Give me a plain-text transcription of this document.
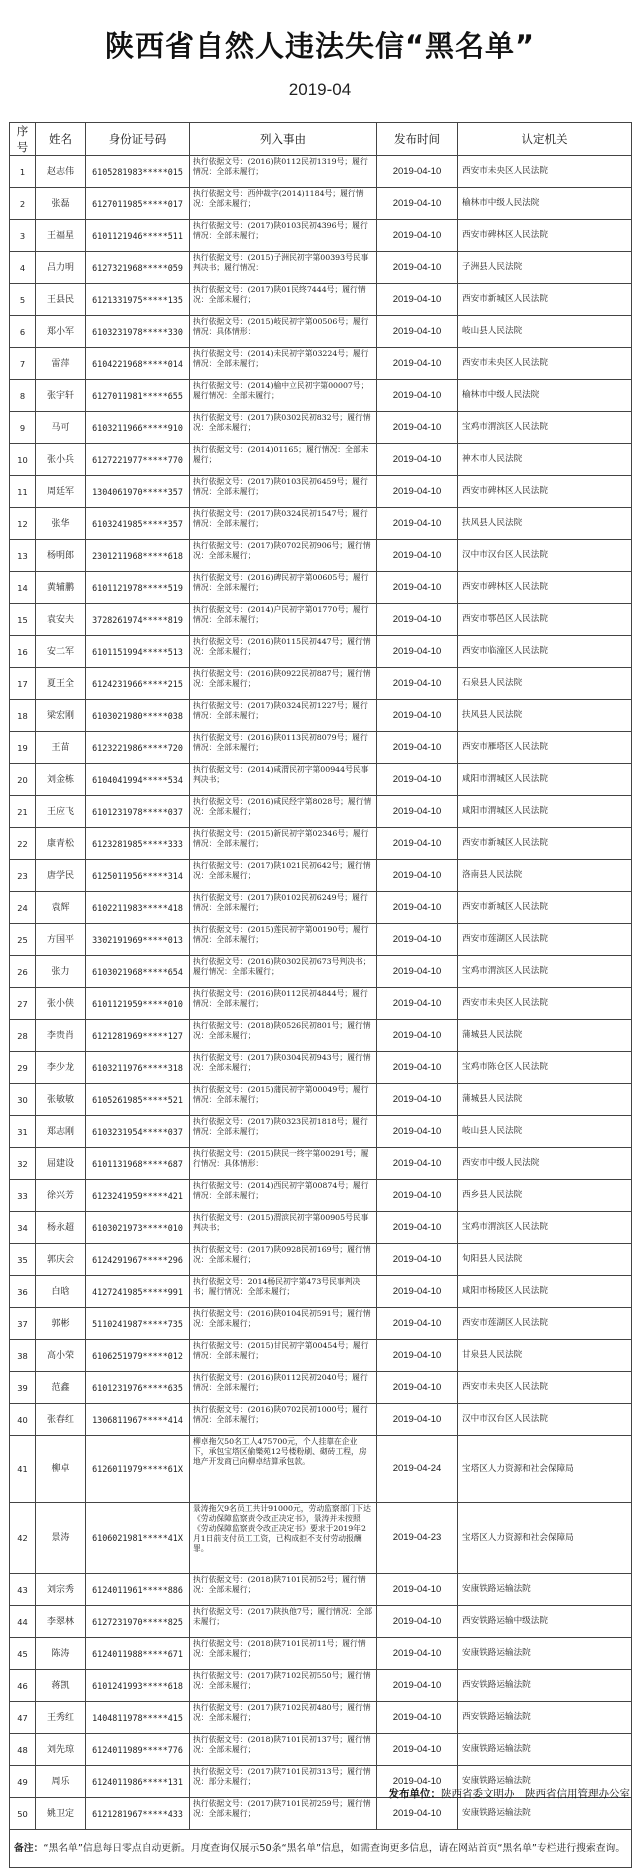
陕西省自然人违法失信“黑名单”
2019-04
序号	姓名	身份证号码	列入事由	发布时间	认定机关
1	赵志伟	6105281983*****015	执行依据文号：(2016)陕0112民初1319号；履行情况：全部未履行；	2019-04-10	西安市未央区人民法院
2	张磊	6127011985*****017	执行依据文号：西仲裁字(2014)1184号；履行情况：全部未履行；	2019-04-10	榆林市中级人民法院
3	王福星	6101121946*****511	执行依据文号：(2017)陕0103民初4396号；履行情况：全部未履行；	2019-04-10	西安市碑林区人民法院
4	吕力明	6127321968*****059	执行依据文号：(2015)子洲民初字第00393号民事判决书；履行情况：	2019-04-10	子洲县人民法院
5	王县民	6121331975*****135	执行依据文号：(2017)陕01民终7444号；履行情况：全部未履行；	2019-04-10	西安市新城区人民法院
6	郑小军	6103231978*****330	执行依据文号：(2015)岐民初字第00506号；履行情况：具体情形：	2019-04-10	岐山县人民法院
7	雷萍	6104221968*****014	执行依据文号：(2014)未民初字第03224号；履行情况：全部未履行；	2019-04-10	西安市未央区人民法院
8	张宇轩	6127011981*****655	执行依据文号：(2014)榆中立民初字第00007号；履行情况：全部未履行；	2019-04-10	榆林市中级人民法院
9	马可	6103211966*****910	执行依据文号：(2017)陕0302民初832号；履行情况：全部未履行；	2019-04-10	宝鸡市渭滨区人民法院
10	张小兵	6127221977*****770	执行依据文号：(2014)01165；履行情况：全部未履行；	2019-04-10	神木市人民法院
11	周廷军	1304061970*****357	执行依据文号：(2017)陕0103民初6459号；履行情况：全部未履行；	2019-04-10	西安市碑林区人民法院
12	张华	6103241985*****357	执行依据文号：(2017)陕0324民初1547号；履行情况：全部未履行；	2019-04-10	扶风县人民法院
13	杨明郎	2301211968*****618	执行依据文号：(2017)陕0702民初906号；履行情况：全部未履行；	2019-04-10	汉中市汉台区人民法院
14	黄辅鹏	6101121978*****519	执行依据文号：(2016)碑民初字第00605号；履行情况：全部未履行；	2019-04-10	西安市碑林区人民法院
15	袁安夫	3728261974*****819	执行依据文号：(2014)户民初字第01770号；履行情况：全部未履行；	2019-04-10	西安市鄠邑区人民法院
16	安二军	6101151994*****513	执行依据文号：(2016)陕0115民初447号；履行情况：全部未履行；	2019-04-10	西安市临潼区人民法院
17	夏王全	6124231966*****215	执行依据文号：(2016)陕0922民初887号；履行情况：全部未履行；	2019-04-10	石泉县人民法院
18	梁宏刚	6103021980*****038	执行依据文号：(2017)陕0324民初1227号；履行情况：全部未履行；	2019-04-10	扶风县人民法院
19	王苗	6123221986*****720	执行依据文号：(2016)陕0113民初8079号；履行情况：全部未履行；	2019-04-10	西安市雁塔区人民法院
20	刘金栋	6104041994*****534	执行依据文号：(2014)咸渭民初字第00944号民事判决书；	2019-04-10	咸阳市渭城区人民法院
21	王应飞	6101231978*****037	执行依据文号：(2016)咸民经字第8028号；履行情况：全部未履行；	2019-04-10	咸阳市渭城区人民法院
22	康青松	6123281985*****333	执行依据文号：(2015)新民初字第02346号；履行情况：全部未履行；	2019-04-10	西安市新城区人民法院
23	唐学民	6125011956*****314	执行依据文号：(2017)陕1021民初642号；履行情况：全部未履行；	2019-04-10	洛南县人民法院
24	袁辉	6102211983*****418	执行依据文号：(2017)陕0102民初6249号；履行情况：全部未履行；	2019-04-10	西安市新城区人民法院
25	方国平	3302191969*****013	执行依据文号：(2015)莲民初字第00190号；履行情况：全部未履行；	2019-04-10	西安市莲湖区人民法院
26	张力	6103021968*****654	执行依据文号：(2016)陕0302民初673号判决书；履行情况：全部未履行；	2019-04-10	宝鸡市渭滨区人民法院
27	张小侠	6101121959*****010	执行依据文号：(2016)陕0112民初4844号；履行情况：全部未履行；	2019-04-10	西安市未央区人民法院
28	李贵肖	6121281969*****127	执行依据文号：(2018)陕0526民初801号；履行情况：全部未履行；	2019-04-10	蒲城县人民法院
29	李少龙	6103211976*****318	执行依据文号：(2017)陕0304民初943号；履行情况：全部未履行；	2019-04-10	宝鸡市陈仓区人民法院
30	张敏敏	6105261985*****521	执行依据文号：(2015)蒲民初字第00049号；履行情况：全部未履行；	2019-04-10	蒲城县人民法院
31	郑志刚	6103231954*****037	执行依据文号：(2017)陕0323民初1818号；履行情况：全部未履行；	2019-04-10	岐山县人民法院
32	屈建设	6101131968*****687	执行依据文号：(2015)陕民一终字第00291号；履行情况：具体情形：	2019-04-10	西安市中级人民法院
33	徐兴芳	6123241959*****421	执行依据文号：(2014)西民初字第00874号；履行情况：全部未履行；	2019-04-10	西乡县人民法院
34	杨永超	6103021973*****010	执行依据文号：(2015)渭滨民初字第00905号民事判决书；	2019-04-10	宝鸡市渭滨区人民法院
35	郭庆会	6124291967*****296	执行依据文号：(2017)陕0928民初169号；履行情况：全部未履行；	2019-04-10	旬阳县人民法院
36	白晗	4127241985*****991	执行依据文号：2014杨民初字第473号民事判决书；履行情况：全部未履行；	2019-04-10	咸阳市杨陵区人民法院
37	郭彬	5110241987*****735	执行依据文号：(2016)陕0104民初591号；履行情况：全部未履行；	2019-04-10	西安市莲湖区人民法院
38	高小荣	6106251979*****012	执行依据文号：(2015)甘民初字第00454号；履行情况：全部未履行；	2019-04-10	甘泉县人民法院
39	范鑫	6101231976*****635	执行依据文号：(2016)陕0112民初2040号；履行情况：全部未履行；	2019-04-10	西安市未央区人民法院
40	张春红	1306811967*****414	执行依据文号：(2016)陕0702民初1000号；履行情况：全部未履行；	2019-04-10	汉中市汉台区人民法院
41	柳卓	6126011979*****61X	柳卓拖欠50名工人475700元，个人挂靠在企业下，承包宝塔区偷樂苑12号楼粉刷、砌砖工程，房地产开发商已向柳卓结算承包款。	2019-04-24	宝塔区人力资源和社会保障局
42	景涛	6106021981*****41X	景涛拖欠9名员工共计91000元，劳动监察部门下达《劳动保障监察责令改正决定书》，景涛并未按照《劳动保障监察责令改正决定书》要求于2019年2月1日前支付员工工资，已构成拒不支付劳动报酬罪。	2019-04-23	宝塔区人力资源和社会保障局
43	刘宗秀	6124011961*****886	执行依据文号：(2018)陕7101民初52号；履行情况：全部未履行；	2019-04-10	安康铁路运输法院
44	李翠林	6127231970*****825	执行依据文号：(2017)陕执他7号；履行情况：全部未履行；	2019-04-10	西安铁路运输中级法院
45	陈涛	6124011988*****671	执行依据文号：(2018)陕7101民初11号；履行情况：全部未履行；	2019-04-10	安康铁路运输法院
46	蒋凯	6101241993*****618	执行依据文号：(2017)陕7102民初550号；履行情况：全部未履行；	2019-04-10	西安铁路运输法院
47	王秀红	1404811978*****415	执行依据文号：(2017)陕7102民初480号；履行情况：全部未履行；	2019-04-10	西安铁路运输法院
48	刘先琼	6124011989*****776	执行依据文号：(2018)陕7101民初137号；履行情况：全部未履行；	2019-04-10	安康铁路运输法院
49	周乐	6124011986*****131	执行依据文号：(2017)陕7101民初313号；履行情况：部分未履行；	2019-04-10	安康铁路运输法院
50	姚卫定	6121281967*****433	执行依据文号：(2017)陕7101民初259号；履行情况：全部未履行；	2019-04-10	安康铁路运输法院
备注：“黑名单”信息每日零点自动更新。月度查询仅展示50条“黑名单”信息，如需查询更多信息，请在网站首页“黑名单”专栏进行搜索查询。					
发布单位：陕西省委文明办　陕西省信用管理办公室
